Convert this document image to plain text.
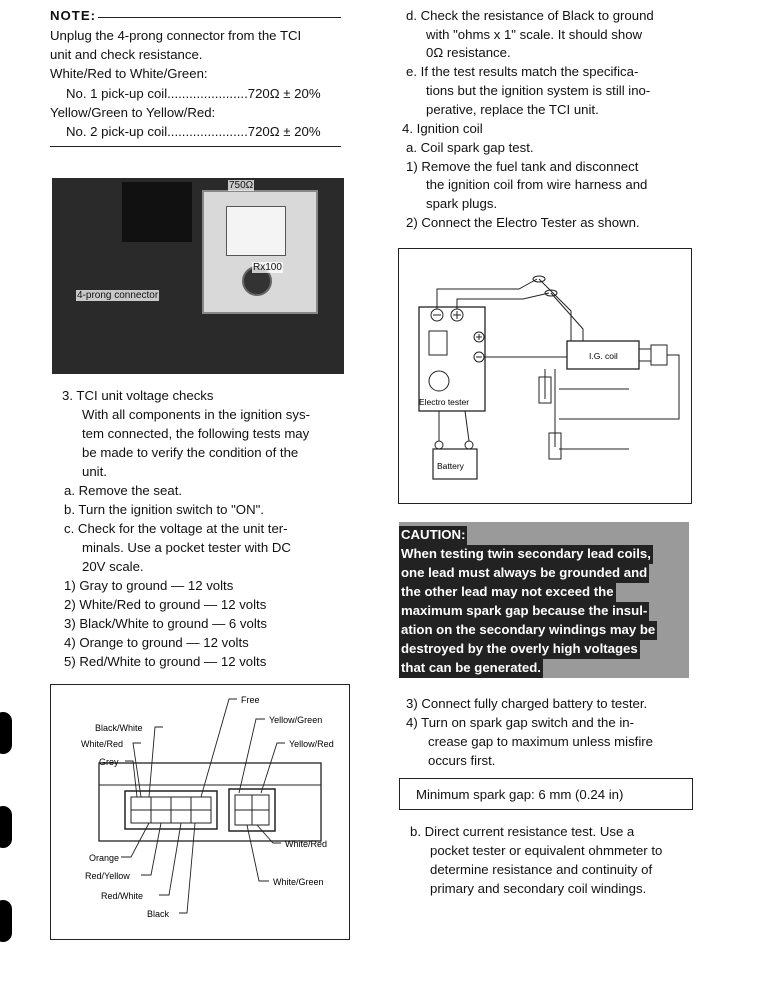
NOTE:
Unplug the 4-prong connector from the TCI
unit and check resistance.
White/Red to White/Green:
No. 1 pick-up coil......................720Ω ± 20%
Yellow/Green to Yellow/Red:
No. 2 pick-up coil......................720Ω ± 20%
750Ω
Rx100
4-prong connector
3. TCI unit voltage checks
With all components in the ignition sys-
tem connected, the following tests may
be made to verify the condition of the
unit.
a. Remove the seat.
b. Turn the ignition switch to "ON".
c. Check for the voltage at the unit ter-
minals. Use a pocket tester with DC
20V scale.
1) Gray to ground — 12 volts
2) White/Red to ground — 12 volts
3) Black/White to ground — 6 volts
4) Orange to ground — 12 volts
5) Red/White to ground — 12 volts
Free
Yellow/Green
Black/White
White/Red	Yellow/Red
Grey
Orange
White/Red
Red/Yellow
White/Green
Red/White
Black
d. Check the resistance of Black to ground
with "ohms x 1" scale. It should show
0Ω resistance.
e. If the test results match the specifica-
tions but the ignition system is still ino-
perative, replace the TCI unit.
4. Ignition coil
a. Coil spark gap test.
1) Remove the fuel tank and disconnect
the ignition coil from wire harness and
spark plugs.
2) Connect the Electro Tester as shown.
Electro tester
Battery
I.G. coil
CAUTION:
When testing twin secondary lead coils,
one lead must always be grounded and
the other lead may not exceed the
maximum spark gap because the insul-
ation on the secondary windings may be
destroyed by the overly high voltages
that can be generated.
3) Connect fully charged battery to tester.
4) Turn on spark gap switch and the in-
crease gap to maximum unless misfire
occurs first.
Minimum spark gap: 6 mm (0.24 in)
b. Direct current resistance test. Use a
pocket tester or equivalent ohmmeter to
determine resistance and continuity of
primary and secondary coil windings.
